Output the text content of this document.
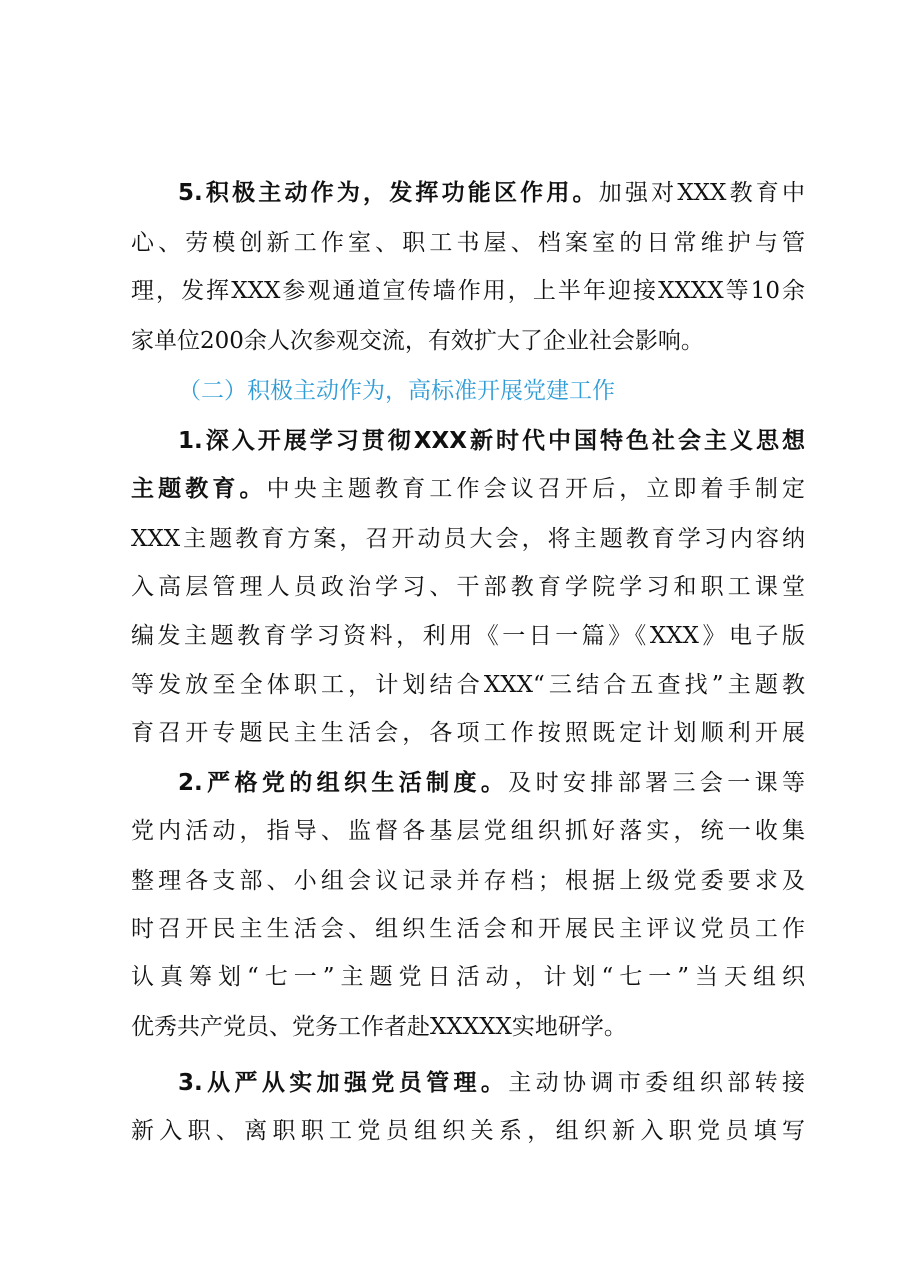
5.积极主动作为，发挥功能区作用。加强对XXX教育中
心、劳模创新工作室、职工书屋、档案室的日常维护与管
理，发挥XXX参观通道宣传墙作用，上半年迎接XXXX等10余
家单位200余人次参观交流，有效扩大了企业社会影响。
（二）积极主动作为，高标准开展党建工作
1.深入开展学习贯彻XXX新时代中国特色社会主义思想
主题教育。中央主题教育工作会议召开后，立即着手制定
XXX主题教育方案，召开动员大会，将主题教育学习内容纳
入高层管理人员政治学习、干部教育学院学习和职工课堂
编发主题教育学习资料，利用《一日一篇》《XXX》电子版
等发放至全体职工，计划结合XXX“三结合五查找”主题教
育召开专题民主生活会，各项工作按照既定计划顺利开展
2.严格党的组织生活制度。及时安排部署三会一课等
党内活动，指导、监督各基层党组织抓好落实，统一收集
整理各支部、小组会议记录并存档；根据上级党委要求及
时召开民主生活会、组织生活会和开展民主评议党员工作
认真筹划“七一”主题党日活动，计划“七一”当天组织
优秀共产党员、党务工作者赴XXXXX实地研学。
3.从严从实加强党员管理。主动协调市委组织部转接
新入职、离职职工党员组织关系，组织新入职党员填写
